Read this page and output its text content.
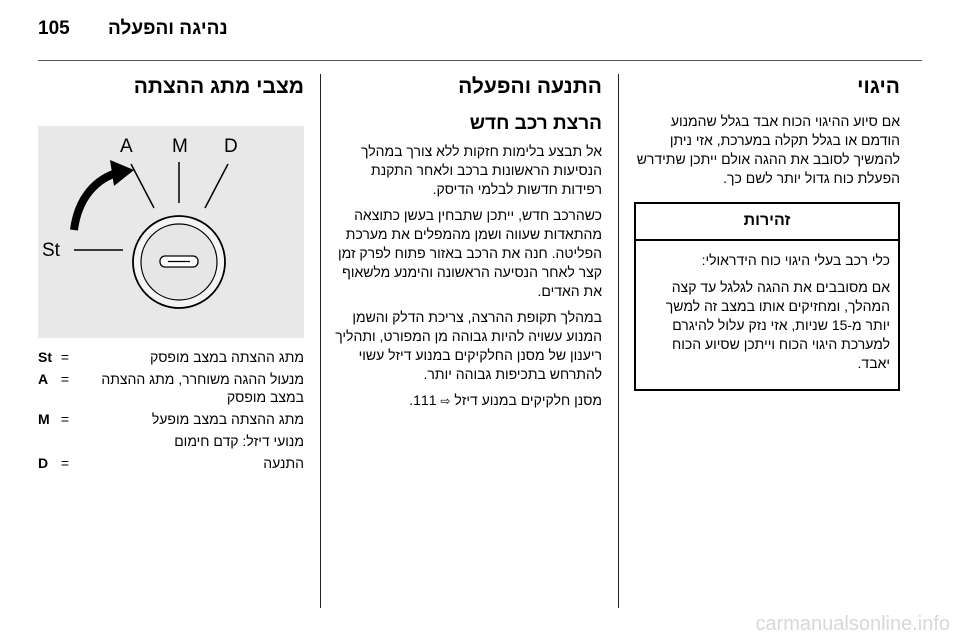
105 נהיגה והפעלה
מצבי מתג ההצתה
A M D
St
מתג ההצתה במצב מופסק
=
St
מנעול ההגה משוחרר, מתג ההצתה במצב מופסק
=
A
מתג ההצתה במצב מופעל
=
M
מנועי דיזל: קדם חימום
התנעה
=
D
התנעה והפעלה
הרצת רכב חדש

אל תבצע בלימות חזקות ללא צורך במהלך הנסיעות הראשונות ברכב ולאחר התקנת רפידות חדשות לבלמי הדיסק.

כשהרכב חדש, ייתכן שתבחין בעשן כתוצאה מהתאדות שעווה ושמן מהמפלים את מערכת הפליטה. חנה את הרכב באזור פתוח לפרק זמן קצר לאחר הנסיעה הראשונה והימנע מלשאוף את האדים.

במהלך תקופת ההרצה, צריכת הדלק והשמן המנוע עשויה להיות גבוהה מן המפורט, ותהליך ריענון של מסנן החלקיקים במנוע דיזל עשוי להתרחש בתכיפות גבוהה יותר.

מסנן חלקיקים במנוע דיזל ⇨ 111.

היגוי

אם סיוע ההיגוי הכוח אבד בגלל שהמנוע הודמם או בגלל תקלה במערכת, אזי ניתן להמשיך לסובב את ההגה אולם ייתכן שתידרש הפעלת כוח גדול יותר לשם כך.

זהירות

כלי רכב בעלי היגוי כוח הידראולי:

אם מסובבים את ההגה לגלגל עד קצה המהלך, ומחזיקים אותו במצב זה למשך יותר מ-15 שניות, אזי נזק עלול להיגרם למערכת היגוי הכוח וייתכן שסיוע הכוח יאבד.

carmanualsonline.info
